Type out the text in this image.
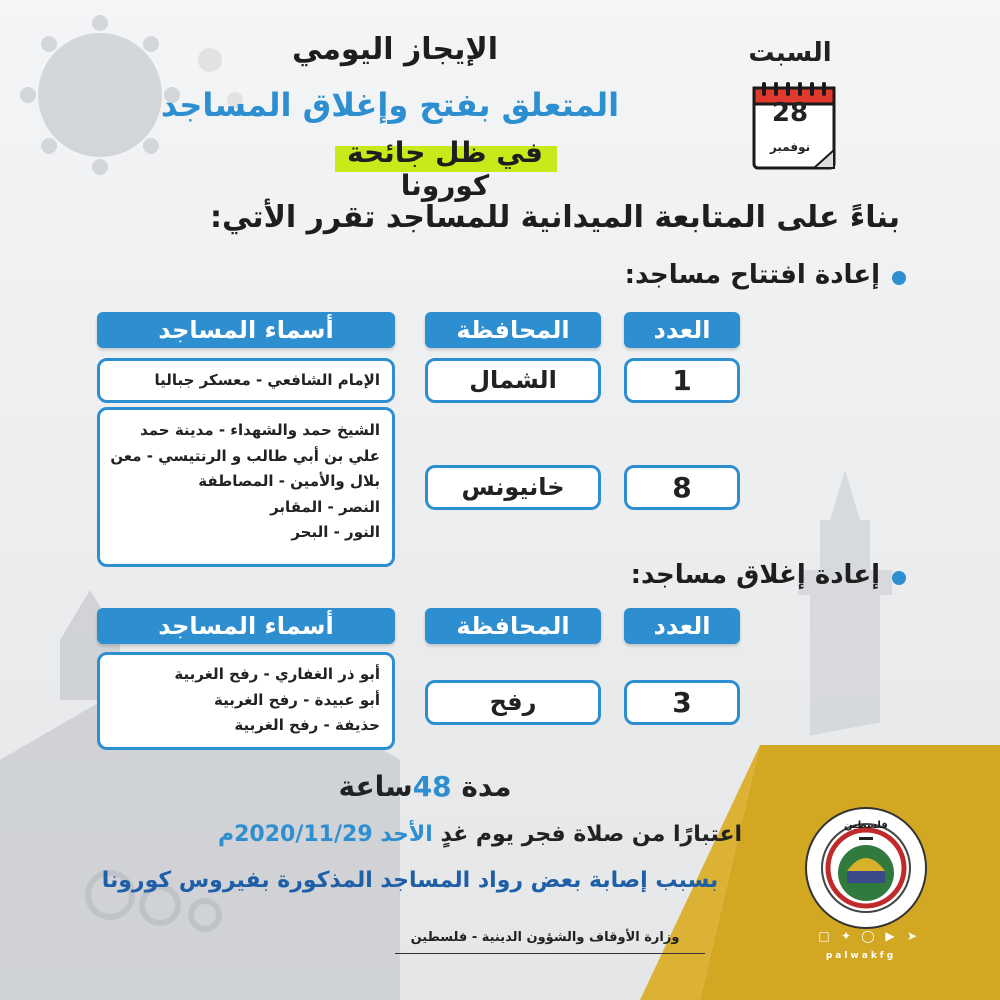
فلسطين
الإيجاز اليومي
المتعلق بفتح وإغلاق المساجد
في ظل جائحة كورونا
السبت
28
نوفمبر
بناءً على المتابعة الميدانية للمساجد تقرر الأتي:
إعادة افتتاح مساجد:
العدد
المحافظة
أسماء المساجد
1
الشمال
الإمام الشافعي - معسكر جباليا
8
خانيونس
الشيخ حمد والشهداء - مدينة حمد
علي بن أبي طالب و الرنتيسي - معن
بلال والأمين - المصاطفة
النصر - المقابر
النور - البحر
إعادة إغلاق مساجد:
العدد
المحافظة
أسماء المساجد
3
رفح
أبو ذر الغفاري - رفح الغربية
أبو عبيدة - رفح الغربية
حذيفة - رفح الغربية
مدة 48ساعة
اعتبارًا من صلاة فجر يوم غدٍ الأحد 2020/11/29م
بسبب إصابة بعض رواد المساجد المذكورة بفيروس كورونا
وزارة الأوقاف والشؤون الدينية - فلسطين	➤
▶
◯
✦
□
palwakfg
